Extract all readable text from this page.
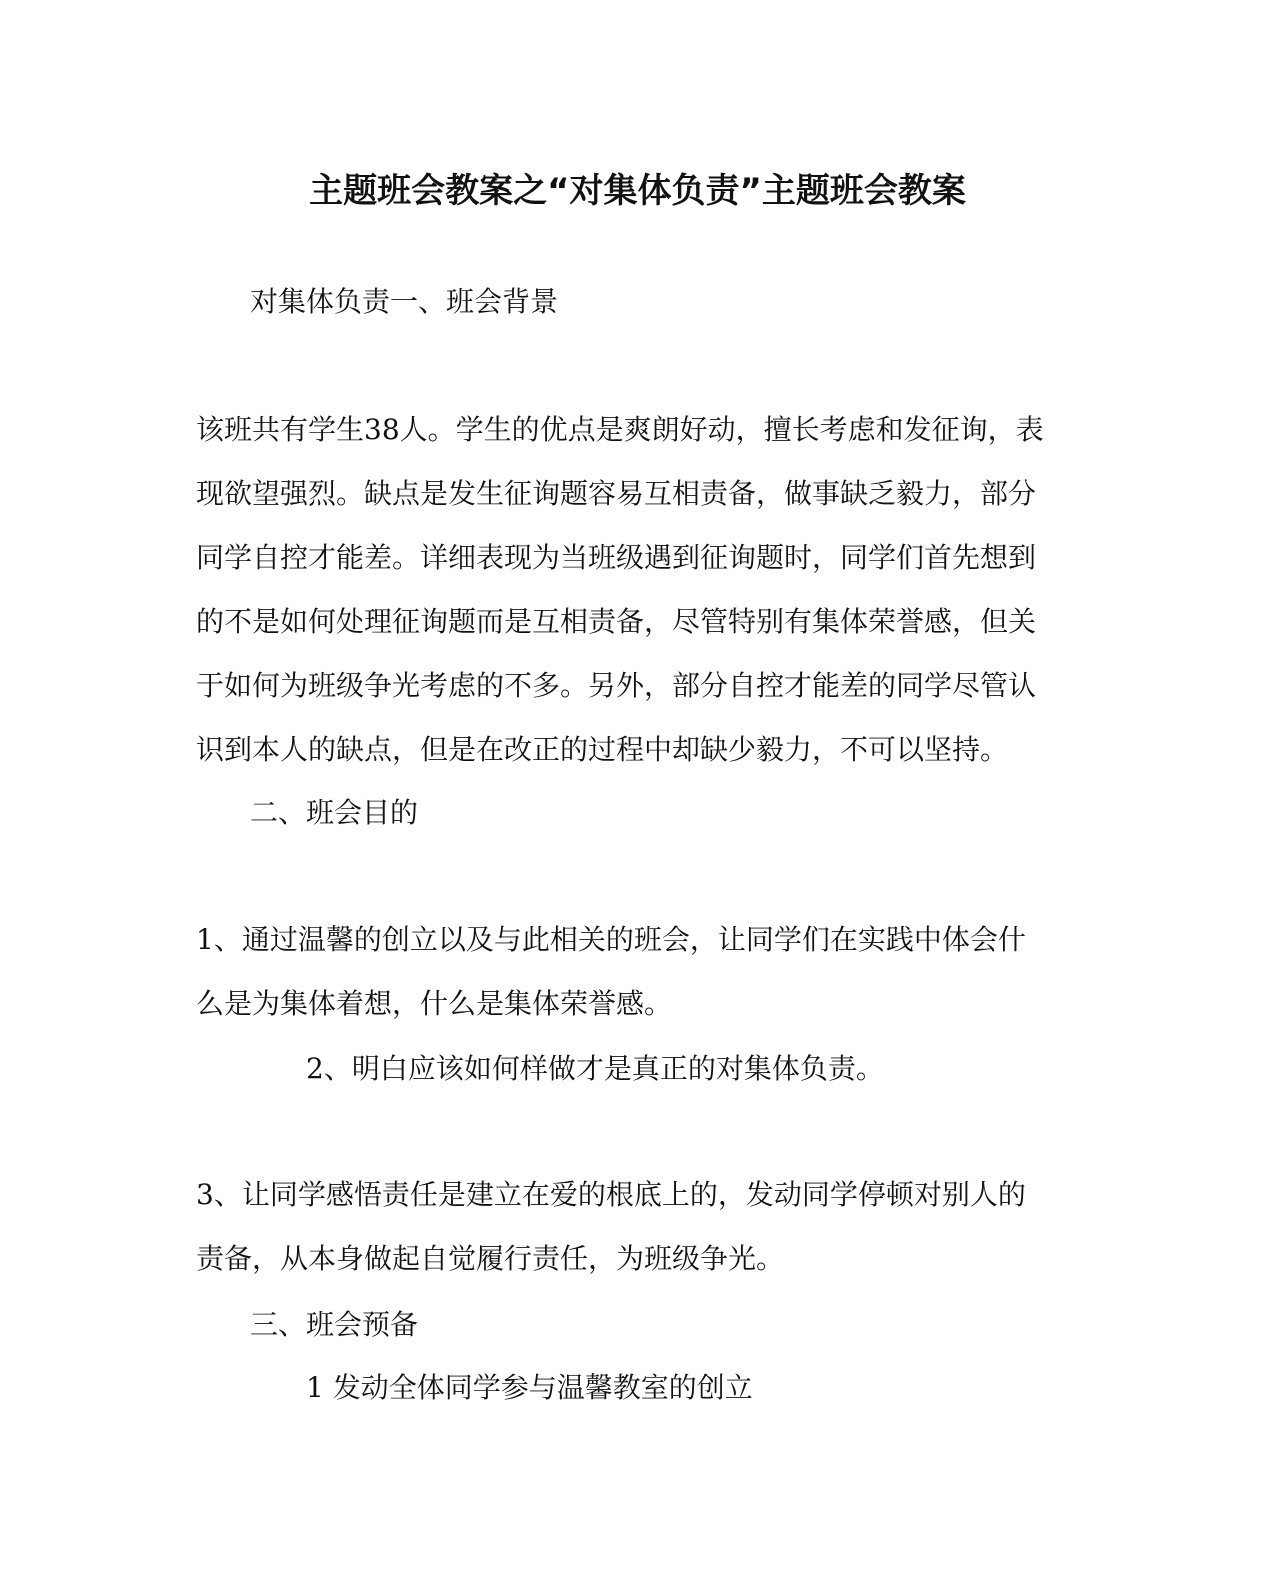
主题班会教案之“对集体负责”主题班会教案
对集体负责一、班会背景
该班共有学生38人。学生的优点是爽朗好动，擅长考虑和发征询，表
现欲望强烈。缺点是发生征询题容易互相责备，做事缺乏毅力，部分
同学自控才能差。详细表现为当班级遇到征询题时，同学们首先想到
的不是如何处理征询题而是互相责备，尽管特别有集体荣誉感，但关
于如何为班级争光考虑的不多。另外，部分自控才能差的同学尽管认
识到本人的缺点，但是在改正的过程中却缺少毅力，不可以坚持。
二、班会目的
1、通过温馨的创立以及与此相关的班会，让同学们在实践中体会什
么是为集体着想，什么是集体荣誉感。
2、明白应该如何样做才是真正的对集体负责。
3、让同学感悟责任是建立在爱的根底上的，发动同学停顿对别人的
责备，从本身做起自觉履行责任，为班级争光。
三、班会预备
1 发动全体同学参与温馨教室的创立
